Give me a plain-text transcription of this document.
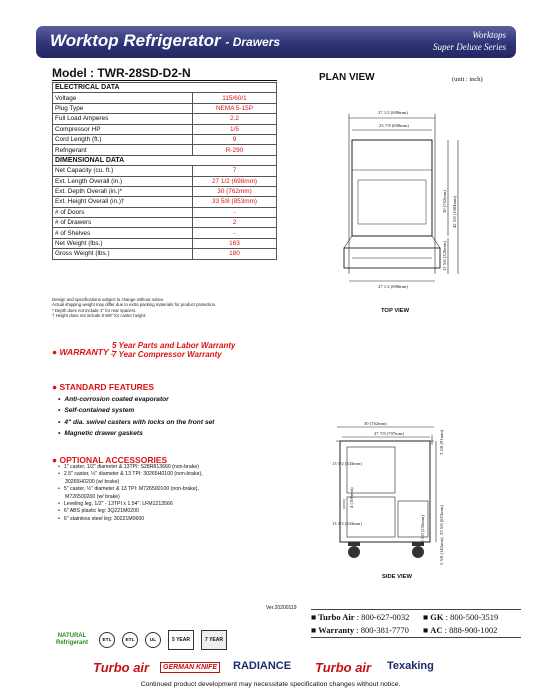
Worktop Refrigerator - Drawers	Worktops
Super Deluxe Series
Model : TWR-28SD-D2-N
ELECTRICAL DATA	
Voltage	115/60/1
Plug Type	NEMA 5-15P
Full Load Amperes	2.2
Compressor HP	1/5
Cord Length (ft.)	9
Refrigerant	R-290
DIMENSIONAL DATA	
Net Capacity (cu. ft.)	7
Ext. Length Overall (in.)	27 1/2 (698mm)
Ext. Depth Overall (in.)*	30 (762mm)
Ext. Height Overall (in.)†	33 5/8 (853mm)
# of Doors	-
# of Drawers	2
# of Shelves	-
Net Weight (lbs.)	163
Gross Weight (lbs.)	180
Design and specifications subject to change without notice.
Actual shipping weight may differ due to extra packing materials for product protection.
* Depth does not include 1" for rear spacers.
† Height does not include 5-5/8" for caster height.
● WARRANTY :
5 Year Parts and Labor Warranty
7 Year Compressor Warranty
● STANDARD FEATURES
• Anti-corrosion coated evaporator
• Self-contained system
• 4" dia. swivel casters with locks on the front set
• Magnetic drawer gaskets
● OPTIONAL ACCESSORIES
• 1" caster, 1/2" diameter & 13TPI: S28R813660 (non-brake)
• 2.5" caster, ½" diameter & 13 TPI: 30265H0100 (non-brake),
30265H0200 (w/ brake)
• 5" caster, ½" diameter & 13 TPI: M726500100 (non-brake),
M726500200 (w/ brake)
• Leveling leg, 1/2" - 13TPI x 1.54": LFM1213566
• 6" ABS plastic leg: 3Q221M0200
• 6" stainless steel leg: 30221M0600
PLAN VIEW	(unit : inch)
27 1/2 (698mm)
23 7/8 (608mm)
27 1/2 (698mm)
30 (762mm) 42 5/8 (1084mm)
12 5/8 (320mm)
TOP VIEW
30 (762mm)
27 7/8 (707mm)	3 5/8 (91mm)
13 1/2 (343mm)
13 1/2 (343mm)
4 (100mm)
33 5/8 (853mm)
10 1/8 (256mm)
5 5/8 (142mm)
SIDE VIEW
Ver.20200119
■ Turbo Air : 800-627-0032	■ GK : 800-500-3519
■ Warranty : 800-381-7770	■ AC : 888-900-1002
NATURAL
Refrigerant	ETL	ETL	UL	5 YEAR	7 YEAR
Turbo air	GERMAN KNIFE RADIANCE Turbo air Texaking
Continued product development may necessitate specification changes without notice.
